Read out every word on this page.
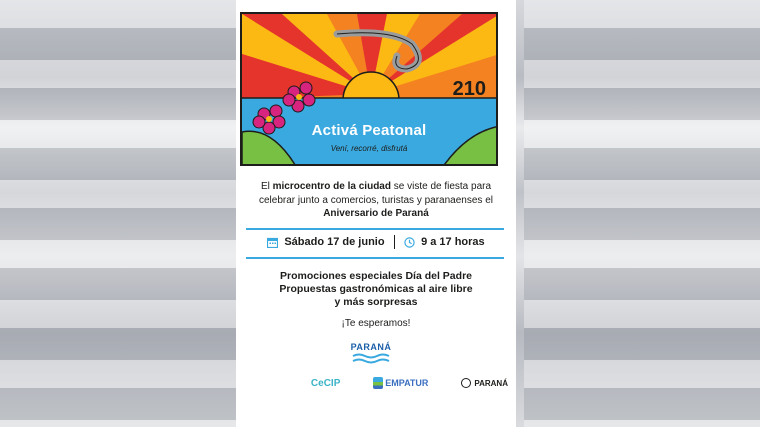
210
Activá Peatonal
Vení, recorré, disfrutá
El microcentro de la ciudad se viste de fiesta para celebrar junto a comercios, turistas y paranaenses el Aniversario de Paraná
Sábado 17 de junio	9 a 17 horas
Promociones especiales Día del Padre
Propuestas gastronómicas al aire libre
y más sorpresas
¡Te esperamos!
PARANÁ
CeCIP	EMPATUR	PARANÁ
